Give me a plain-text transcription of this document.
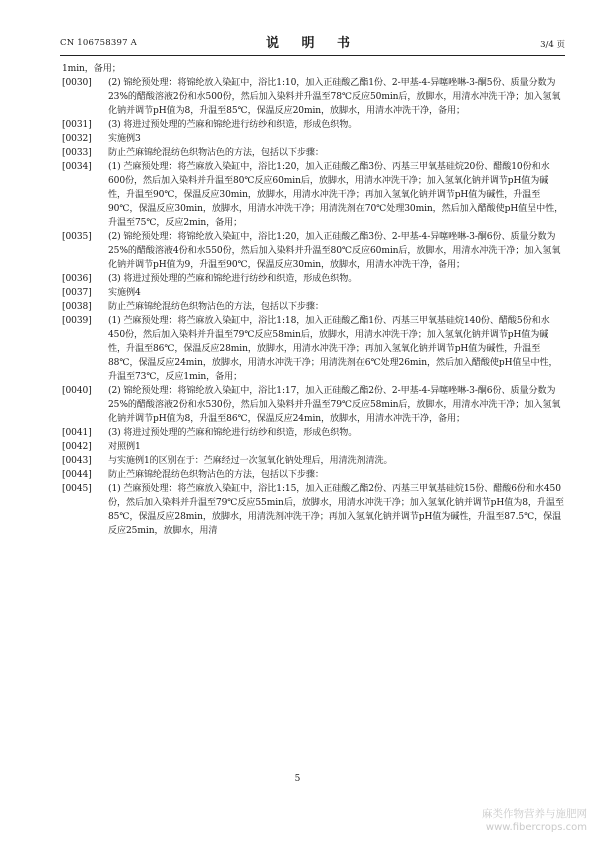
CN 106758397 A	说 明 书	3/4 页
1min，备用；
[0030]	(2) 锦纶预处理：将锦纶放入染缸中，浴比1:10，加入正硅酸乙酯1份、2-甲基-4-异噻唑啉-3-酮5份、质量分数为23%的醋酸溶液2份和水500份，然后加入染料并升温至78℃反应50min后，放脚水，用清水冲洗干净；加入氢氧化钠并调节pH值为8，升温至85℃，保温反应20min，放脚水，用清水冲洗干净，备用；
[0031]	(3) 将进过预处理的苎麻和锦纶进行纺纱和织造，形成色织物。
[0032]	实施例3
[0033]	防止苎麻锦纶混纺色织物沾色的方法，包括以下步骤：
[0034]	(1) 苎麻预处理：将苎麻放入染缸中，浴比1:20，加入正硅酸乙酯3份、丙基三甲氧基硅烷20份、醋酸10份和水600份，然后加入染料并升温至80℃反应60min后，放脚水，用清水冲洗干净；加入氢氧化钠并调节pH值为碱性，升温至90℃，保温反应30min，放脚水，用清水冲洗干净；再加入氢氧化钠并调节pH值为碱性，升温至90℃，保温反应30min，放脚水，用清水冲洗干净；用清洗剂在70℃处理30min，然后加入醋酸使pH值呈中性，升温至75℃，反应2min，备用；
[0035]	(2) 锦纶预处理：将锦纶放入染缸中，浴比1:20，加入正硅酸乙酯3份、2-甲基-4-异噻唑啉-3-酮6份、质量分数为25%的醋酸溶液4份和水550份，然后加入染料并升温至80℃反应60min后，放脚水，用清水冲洗干净；加入氢氧化钠并调节pH值为9，升温至90℃，保温反应30min，放脚水，用清水冲洗干净，备用；
[0036]	(3) 将进过预处理的苎麻和锦纶进行纺纱和织造，形成色织物。
[0037]	实施例4
[0038]	防止苎麻锦纶混纺色织物沾色的方法，包括以下步骤：
[0039]	(1) 苎麻预处理：将苎麻放入染缸中，浴比1:18，加入正硅酸乙酯1份、丙基三甲氧基硅烷140份、醋酸5份和水450份，然后加入染料并升温至79℃反应58min后，放脚水，用清水冲洗干净；加入氢氧化钠并调节pH值为碱性，升温至86℃，保温反应28min，放脚水，用清水冲洗干净；再加入氢氧化钠并调节pH值为碱性，升温至88℃，保温反应24min，放脚水，用清水冲洗干净；用清洗剂在6℃处理26min，然后加入醋酸使pH值呈中性，升温至73℃，反应1min，备用；
[0040]	(2) 锦纶预处理：将锦纶放入染缸中，浴比1:17，加入正硅酸乙酯2份、2-甲基-4-异噻唑啉-3-酮6份、质量分数为25%的醋酸溶液2份和水530份，然后加入染料并升温至79℃反应58min后，放脚水，用清水冲洗干净；加入氢氧化钠并调节pH值为8，升温至86℃，保温反应24min，放脚水，用清水冲洗干净，备用；
[0041]	(3) 将进过预处理的苎麻和锦纶进行纺纱和织造，形成色织物。
[0042]	对照例1
[0043]	与实施例1的区别在于：苎麻经过一次氢氧化钠处理后，用清洗剂清洗。
[0044]	防止苎麻锦纶混纺色织物沾色的方法，包括以下步骤：
[0045]	(1) 苎麻预处理：将苎麻放入染缸中，浴比1:15，加入正硅酸乙酯2份、丙基三甲氧基硅烷15份、醋酸6份和水450份，然后加入染料并升温至79℃反应55min后，放脚水，用清水冲洗干净；加入氢氧化钠并调节pH值为8，升温至85℃，保温反应28min，放脚水，用清洗剂冲洗干净；再加入氢氧化钠并调节pH值为碱性，升温至87.5℃，保温反应25min，放脚水，用清
5
麻类作物营养与施肥网
www.fibercrops.com
